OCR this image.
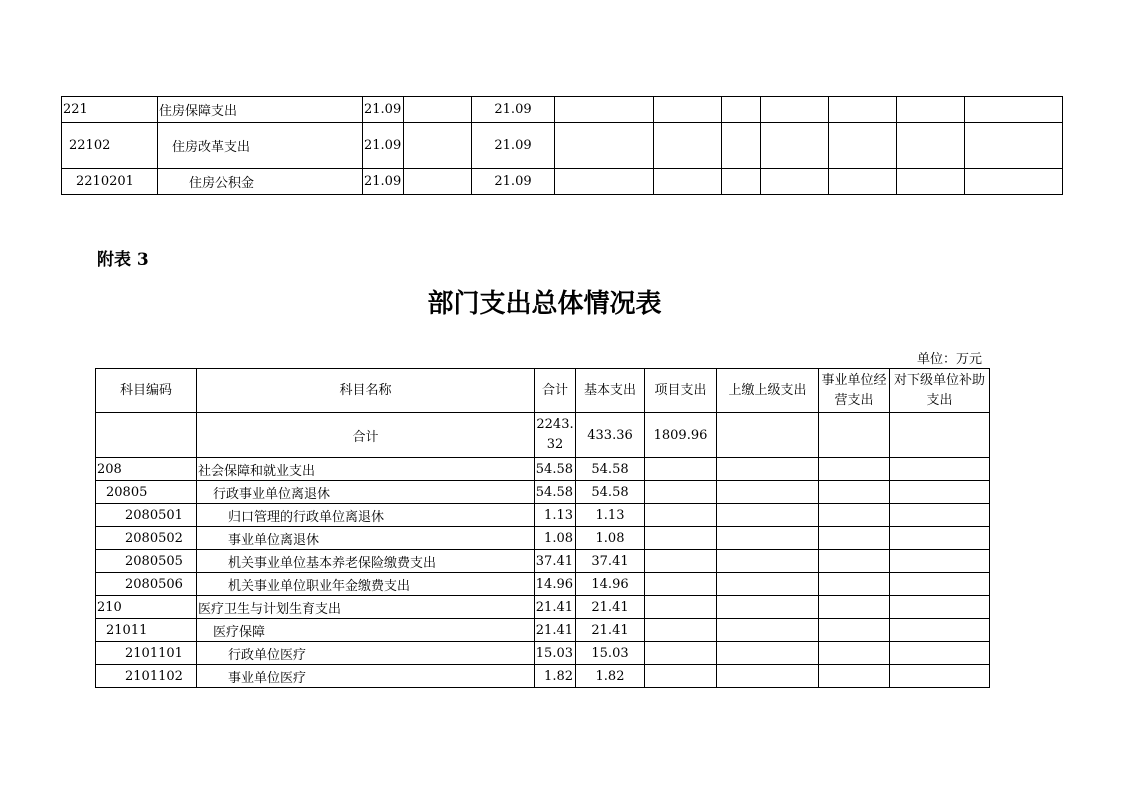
221	住房保障支出	21.09		21.09							
22102	住房改革支出	21.09		21.09							
2210201	住房公积金	21.09		21.09							
附表 3
部门支出总体情况表
单位：万元
科目编码	科目名称	合计	基本支出	项目支出	上缴上级支出	事业单位经营支出	对下级单位补助支出
	合计	2243.32	433.36	1809.96			
208	社会保障和就业支出	54.58	54.58				
20805	行政事业单位离退休	54.58	54.58				
2080501	归口管理的行政单位离退休	1.13	1.13				
2080502	事业单位离退休	1.08	1.08				
2080505	机关事业单位基本养老保险缴费支出	37.41	37.41				
2080506	机关事业单位职业年金缴费支出	14.96	14.96				
210	医疗卫生与计划生育支出	21.41	21.41				
21011	医疗保障	21.41	21.41				
2101101	行政单位医疗	15.03	15.03				
2101102	事业单位医疗	1.82	1.82				
